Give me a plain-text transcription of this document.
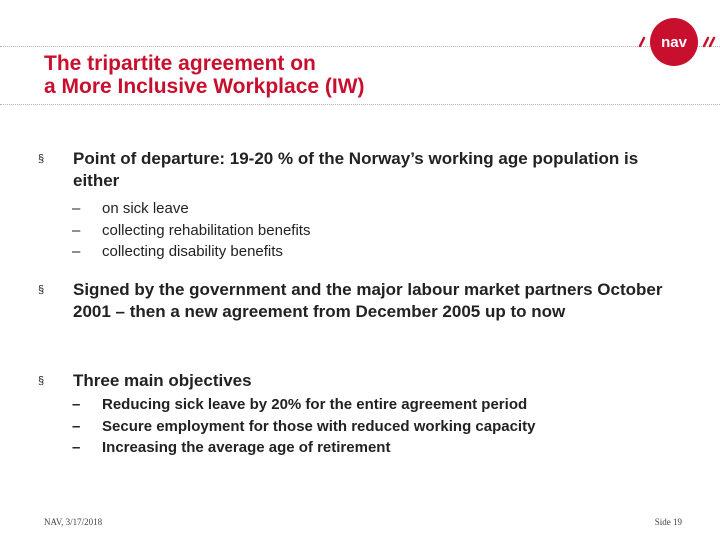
nav
The tripartite agreement on
a More Inclusive Workplace (IW)
§ Point of departure: 19-20 % of the Norway’s working age population is either
– on sick leave
– collecting rehabilitation benefits
– collecting disability benefits
§ Signed by the government and the major labour market partners October 2001 – then a new agreement from December 2005 up to now
§ Three main objectives
– Reducing sick leave by 20% for the entire agreement period
– Secure employment for those with reduced working capacity
– Increasing the average age of retirement
NAV, 3/17/2018	Side 19
